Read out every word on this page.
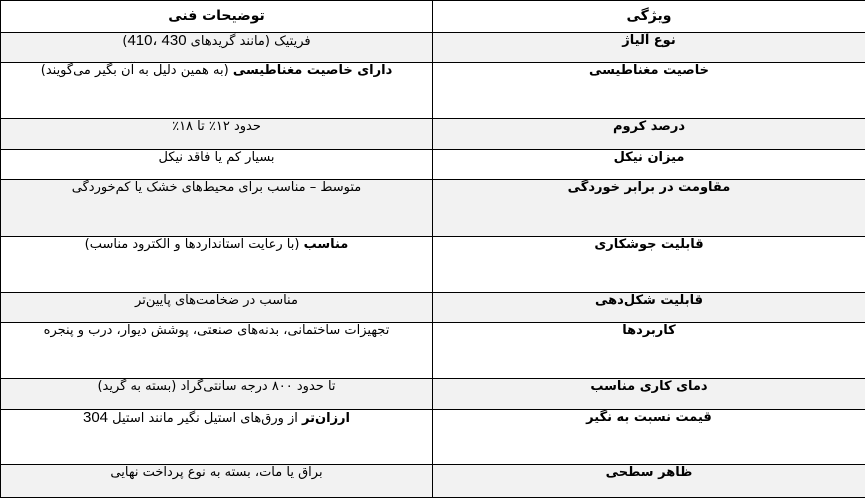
ویژگی	توضیحات فنی
نوع آلیاژ	فریتیک (مانند گریدهای 430 ،410)
خاصیت مغناطیسی	دارای خاصیت مغناطیسی (به همین دلیل به آن بگیر می‌گویند)
درصد کروم	حدود ۱۲٪ تا ۱۸٪
میزان نیکل	بسیار کم یا فاقد نیکل
مقاومت در برابر خوردگی	متوسط – مناسب برای محیط‌های خشک یا کم‌خوردگی
قابلیت جوشکاری	مناسب (با رعایت استانداردها و الکترود مناسب)
قابلیت شکل‌دهی	مناسب در ضخامت‌های پایین‌تر
کاربردها	تجهیزات ساختمانی، بدنه‌های صنعتی، پوشش دیوار، درب و پنجره
دمای کاری مناسب	تا حدود ۸۰۰ درجه سانتی‌گراد (بسته به گرید)
قیمت نسبت به نگیر	ارزان‌تر از ورق‌های استیل نگیر مانند استیل 304
ظاهر سطحی	براق یا مات، بسته به نوع پرداخت نهایی
